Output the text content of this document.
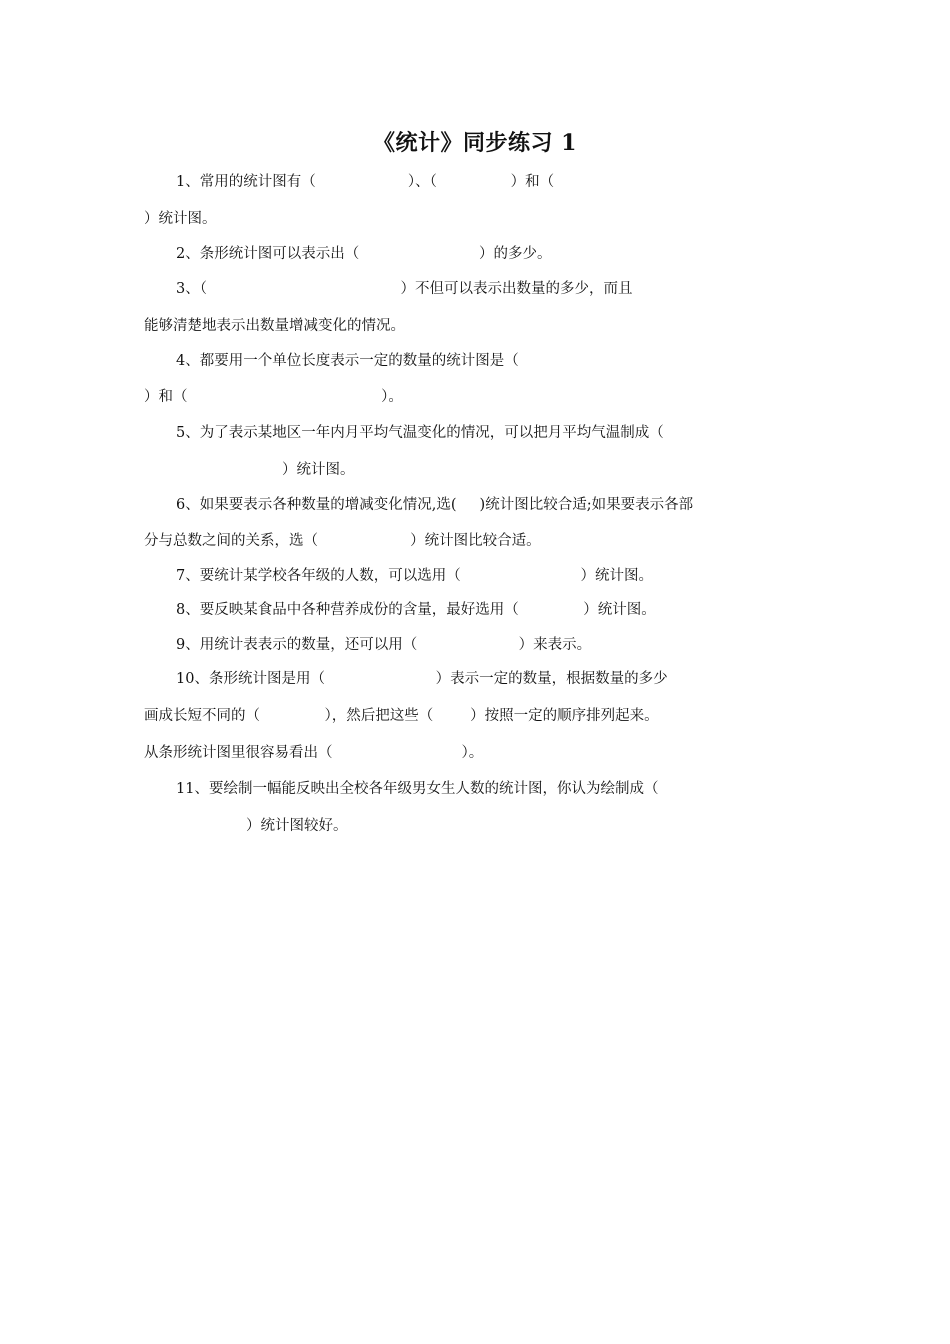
《统计》同步练习 1
1、常用的统计图有（                    ）、（                ）和（
）统计图。
2、条形统计图可以表示出（                          ）的多少。
3、（                                          ）不但可以表示出数量的多少，而且
能够清楚地表示出数量增减变化的情况。
4、都要用一个单位长度表示一定的数量的统计图是（
）和（                                          ）。
5、为了表示某地区一年内月平均气温变化的情况，可以把月平均气温制成（
）统计图。
6、如果要表示各种数量的增减变化情况,选(     )统计图比较合适;如果要表示各部
分与总数之间的关系，选（                    ）统计图比较合适。
7、要统计某学校各年级的人数，可以选用（                          ）统计图。
8、要反映某食品中各种营养成份的含量，最好选用（              ）统计图。
9、用统计表表示的数量，还可以用（                      ）来表示。
10、条形统计图是用（                        ）表示一定的数量，根据数量的多少
画成长短不同的（              ），然后把这些（        ）按照一定的顺序排列起来。
从条形统计图里很容易看出（                            ）。
11、要绘制一幅能反映出全校各年级男女生人数的统计图，你认为绘制成（
）统计图较好。
